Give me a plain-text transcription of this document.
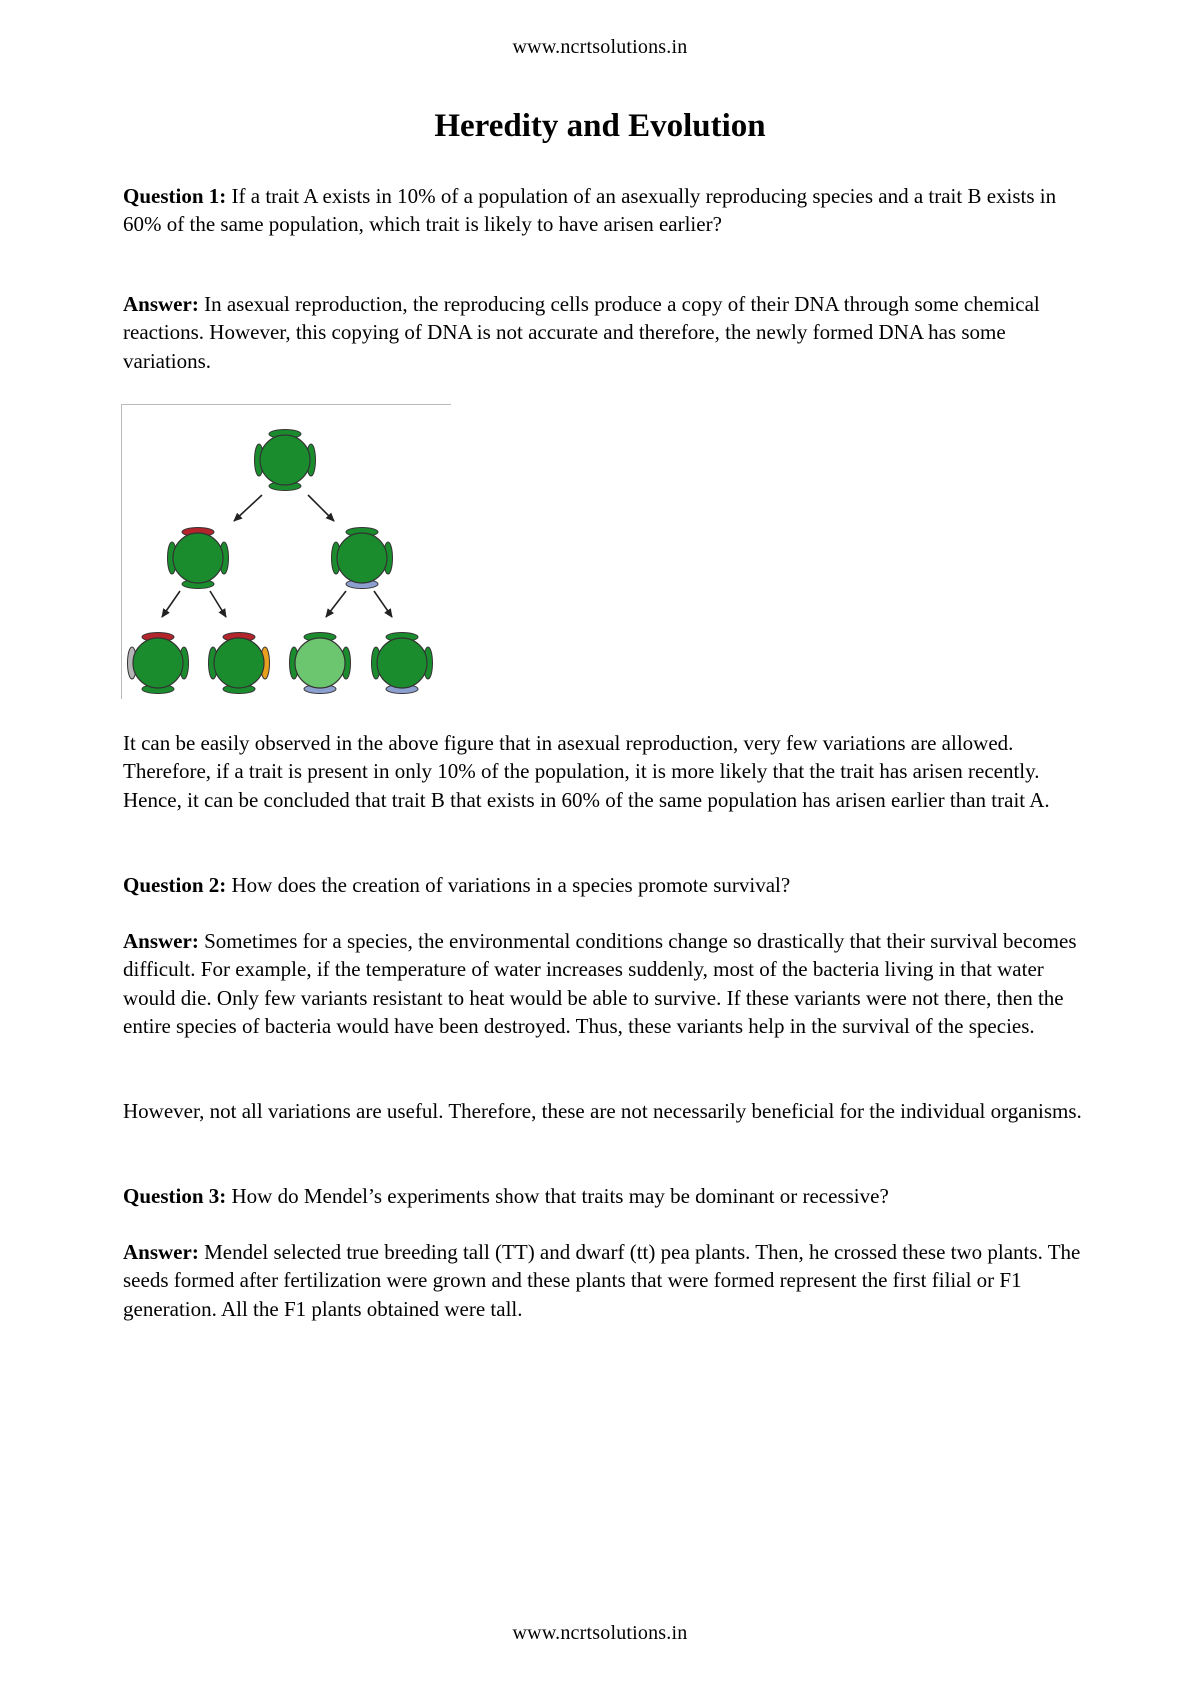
www.ncrtsolutions.in
Heredity and Evolution

Question 1: If a trait A exists in 10% of a population of an asexually reproducing species and a trait B exists in 60% of the same population, which trait is likely to have arisen earlier?

Answer: In asexual reproduction, the reproducing cells produce a copy of their DNA through some chemical reactions. However, this copying of DNA is not accurate and therefore, the newly formed DNA has some variations.

It can be easily observed in the above figure that in asexual reproduction, very few variations are allowed. Therefore, if a trait is present in only 10% of the population, it is more likely that the trait has arisen recently. Hence, it can be concluded that trait B that exists in 60% of the same population has arisen earlier than trait A.

Question 2: How does the creation of variations in a species promote survival?

Answer: Sometimes for a species, the environmental conditions change so drastically that their survival becomes difficult. For example, if the temperature of water increases suddenly, most of the bacteria living in that water would die. Only few variants resistant to heat would be able to survive. If these variants were not there, then the entire species of bacteria would have been destroyed. Thus, these variants help in the survival of the species.

However, not all variations are useful. Therefore, these are not necessarily beneficial for the individual organisms.

Question 3: How do Mendel’s experiments show that traits may be dominant or recessive?

Answer: Mendel selected true breeding tall (TT) and dwarf (tt) pea plants. Then, he crossed these two plants. The seeds formed after fertilization were grown and these plants that were formed represent the first filial or F1 generation. All the F1 plants obtained were tall.

www.ncrtsolutions.in
